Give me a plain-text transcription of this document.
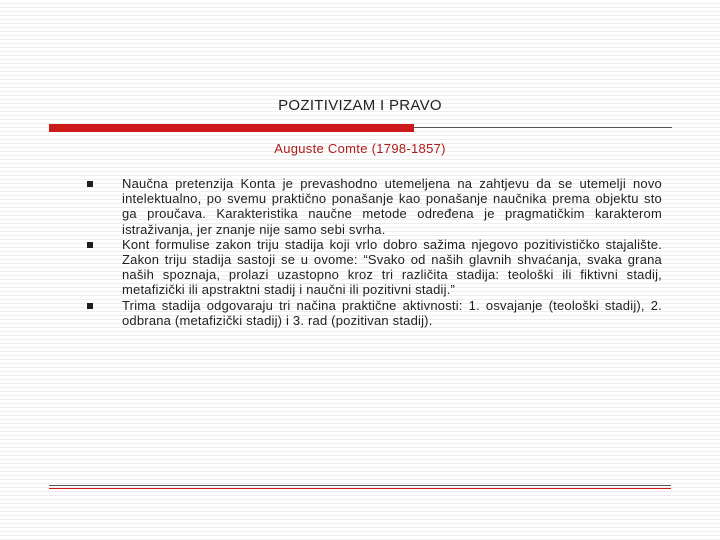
POZITIVIZAM I PRAVO
Auguste Comte (1798-1857)
Naučna pretenzija Konta je prevashodno utemeljena na zahtjevu da se utemelji novo intelektualno, po svemu praktično ponašanje kao ponašanje naučnika prema objektu sto ga proučava. Karakteristika naučne metode određena je pragmatičkim karakterom istraživanja, jer znanje nije samo sebi svrha.
Kont formulise zakon triju stadija koji vrlo dobro sažima njegovo pozitivističko stajalište. Zakon triju stadija sastoji se u ovome: “Svako od naših glavnih shvaćanja, svaka grana naših spoznaja, prolazi uzastopno kroz tri različita stadija: teološki ili fiktivni stadij, metafizički ili apstraktni stadij i naučni ili pozitivni stadij.”
Trima stadija odgovaraju tri načina praktične aktivnosti: 1. osvajanje (teološki stadij), 2. odbrana (metafizički stadij) i 3. rad (pozitivan stadij).
